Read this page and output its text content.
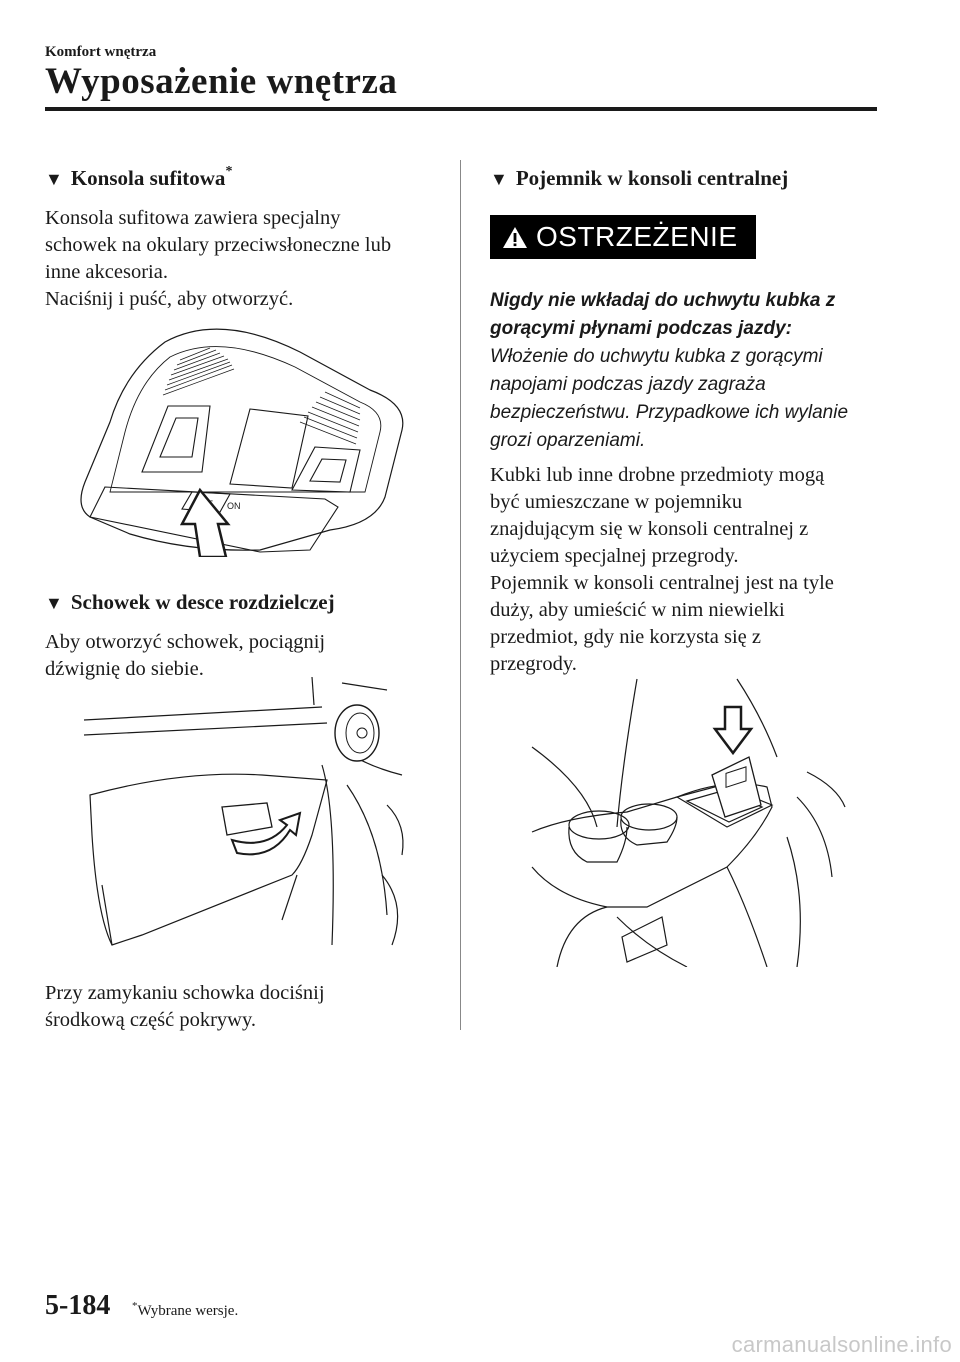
Komfort wnętrza
Wyposażenie wnętrza
▼ Konsola sufitowa*
Konsola sufitowa zawiera specjalny
schowek na okulary przeciwsłoneczne lub
inne akcesoria.
Naciśnij i puść, aby otworzyć.
ON
▼ Schowek w desce rozdzielczej
Aby otworzyć schowek, pociągnij
dźwignię do siebie.
Przy zamykaniu schowka dociśnij
środkową część pokrywy.
▼ Pojemnik w konsoli centralnej
OSTRZEŻENIE
Nigdy nie wkładaj do uchwytu kubka z
gorącymi płynami podczas jazdy:
Włożenie do uchwytu kubka z gorącymi
napojami podczas jazdy zagraża
bezpieczeństwu. Przypadkowe ich wylanie
grozi oparzeniami.
Kubki lub inne drobne przedmioty mogą
być umieszczane w pojemniku
znajdującym się w konsoli centralnej z
użyciem specjalnej przegrody.
Pojemnik w konsoli centralnej jest na tyle
duży, aby umieścić w nim niewielki
przedmiot, gdy nie korzysta się z
przegrody.
5-184 *Wybrane wersje.
carmanualsonline.info
